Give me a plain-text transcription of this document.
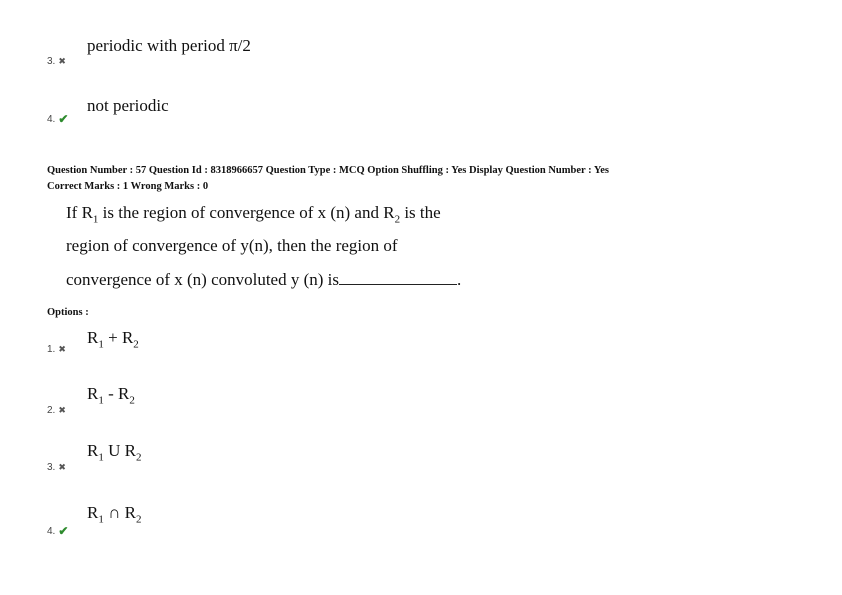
periodic with period π/2
3. ✖
not periodic
4. ✔
Question Number : 57 Question Id : 8318966657 Question Type : MCQ Option Shuffling : Yes Display Question Number : Yes
Correct Marks : 1 Wrong Marks : 0
If $R_1$ is the region of convergence of x (n) and $R_2$ is the
region of convergence of y(n), then the region of
convergence of x (n) convoluted y (n) is	.
Options :
$R_1 + R_2$
1. ✖
$R_1 - R_2$
2. ✖
$R_1$ U $R_2$
3. ✖
$R_1$ ∩ $R_2$
4. ✔
